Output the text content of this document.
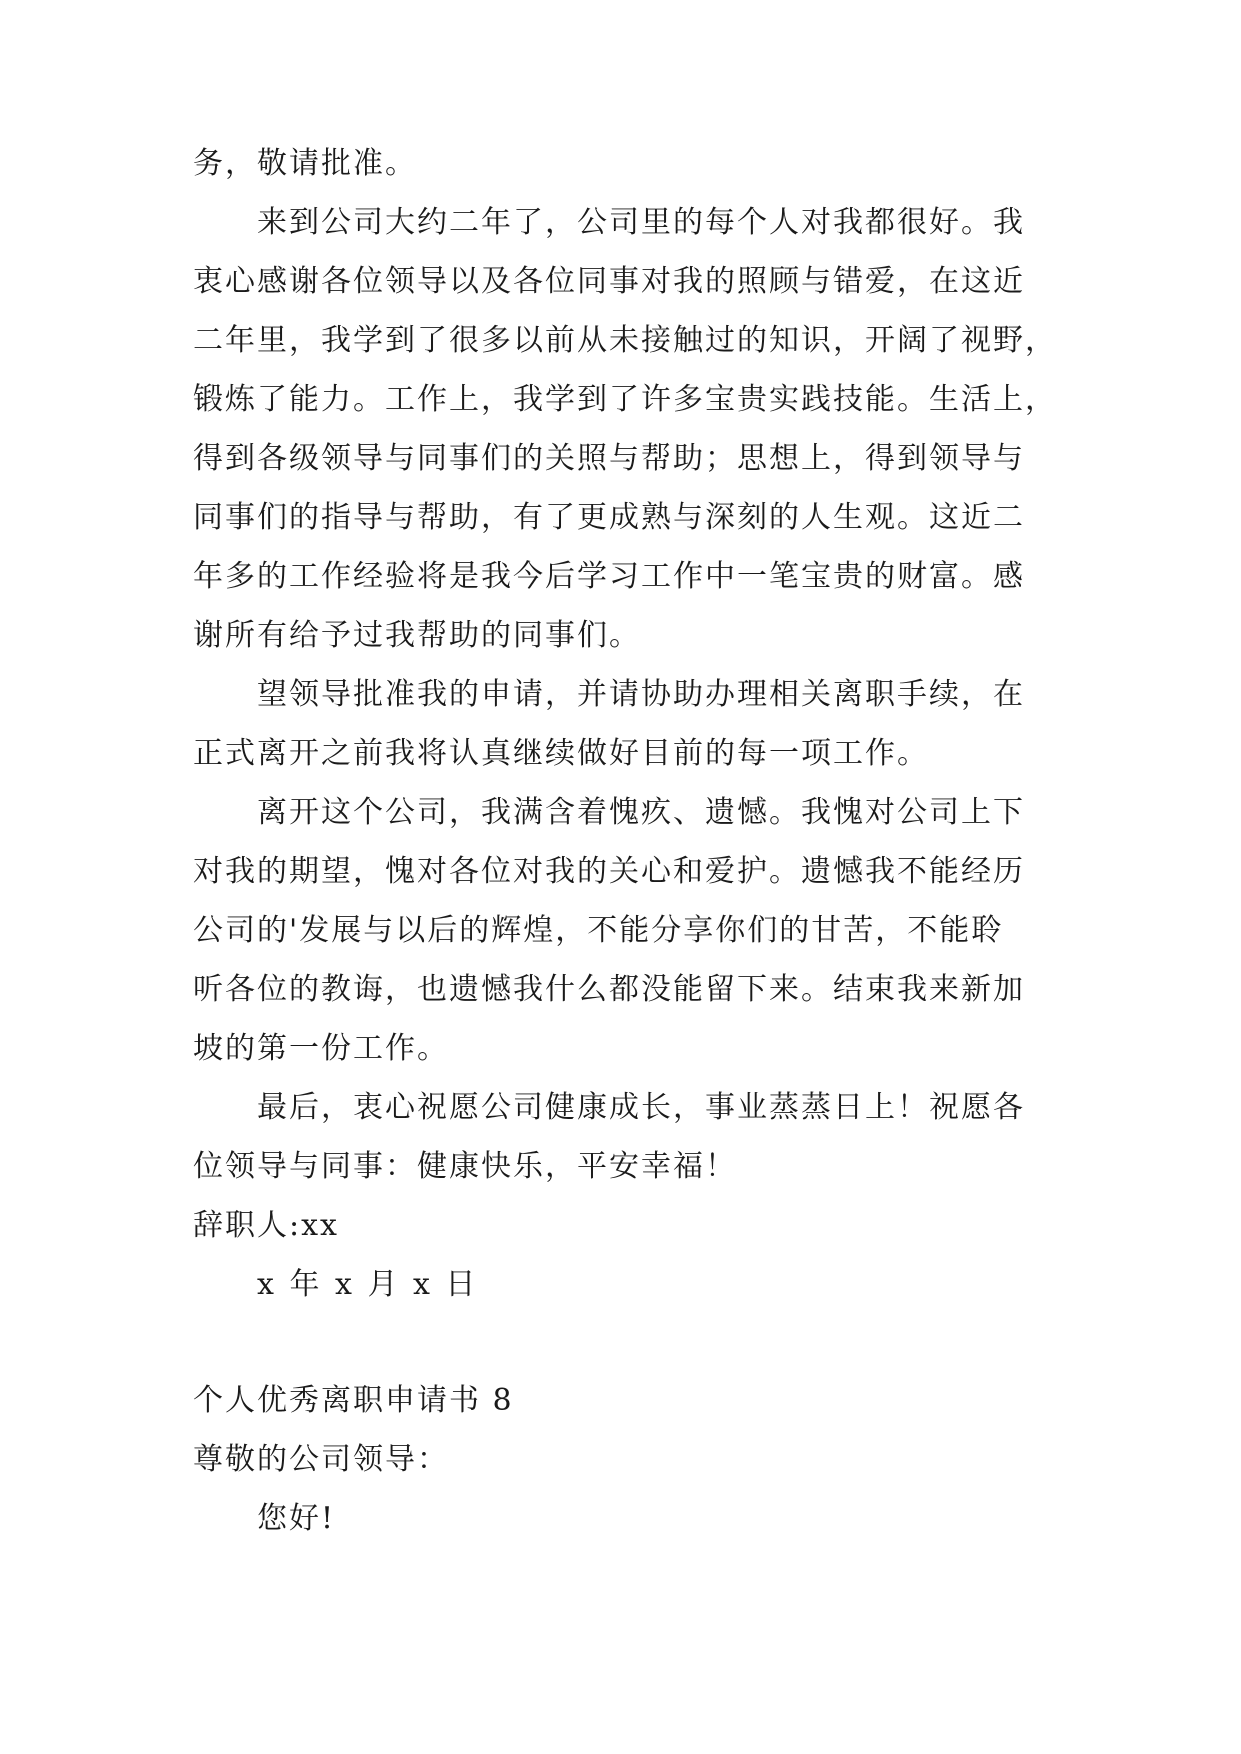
务，敬请批准。
来到公司大约二年了，公司里的每个人对我都很好。我
衷心感谢各位领导以及各位同事对我的照顾与错爱，在这近
二年里，我学到了很多以前从未接触过的知识，开阔了视野，
锻炼了能力。工作上，我学到了许多宝贵实践技能。生活上，
得到各级领导与同事们的关照与帮助；思想上，得到领导与
同事们的指导与帮助，有了更成熟与深刻的人生观。这近二
年多的工作经验将是我今后学习工作中一笔宝贵的财富。感
谢所有给予过我帮助的同事们。
望领导批准我的申请，并请协助办理相关离职手续，在
正式离开之前我将认真继续做好目前的每一项工作。
离开这个公司，我满含着愧疚、遗憾。我愧对公司上下
对我的期望，愧对各位对我的关心和爱护。遗憾我不能经历
公司的'发展与以后的辉煌，不能分享你们的甘苦，不能聆
听各位的教诲，也遗憾我什么都没能留下来。结束我来新加
坡的第一份工作。
最后，衷心祝愿公司健康成长，事业蒸蒸日上！祝愿各
位领导与同事：健康快乐，平安幸福！
辞职人:xx
x 年 x 月 x 日
个人优秀离职申请书 8
尊敬的公司领导：
您好!
